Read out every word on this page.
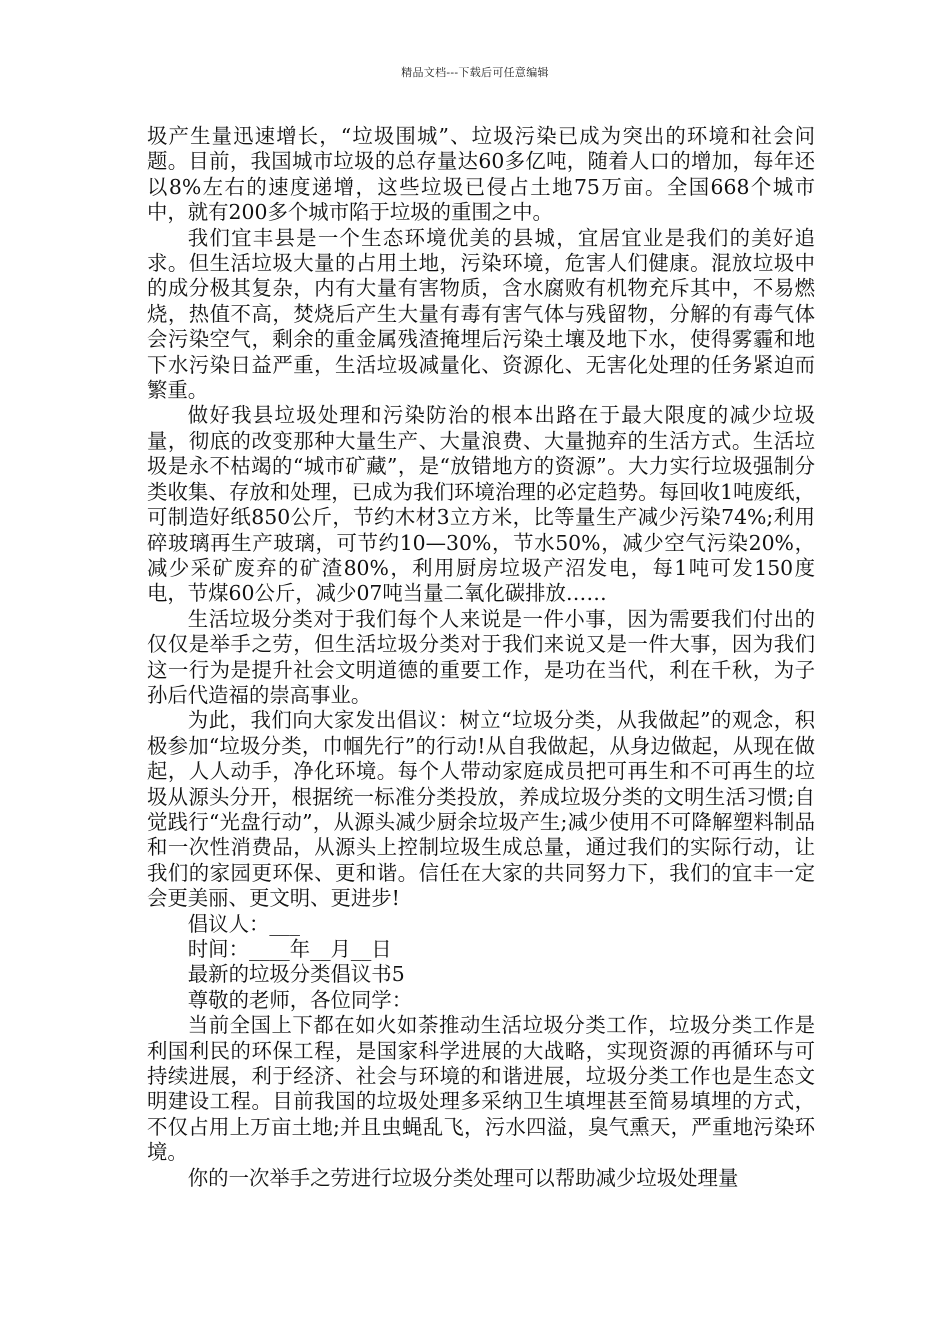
精品文档---下载后可任意编辑

圾产生量迅速增长，“垃圾围城”、垃圾污染已成为突出的环境和社会问题。目前，我国城市垃圾的总存量达60多亿吨，随着人口的增加，每年还以8%左右的速度递增，这些垃圾已侵占土地75万亩。全国668个城市中，就有200多个城市陷于垃圾的重围之中。

我们宜丰县是一个生态环境优美的县城，宜居宜业是我们的美好追求。但生活垃圾大量的占用土地，污染环境，危害人们健康。混放垃圾中的成分极其复杂，内有大量有害物质，含水腐败有机物充斥其中，不易燃烧，热值不高，焚烧后产生大量有毒有害气体与残留物，分解的有毒气体会污染空气，剩余的重金属残渣掩埋后污染土壤及地下水，使得雾霾和地下水污染日益严重，生活垃圾减量化、资源化、无害化处理的任务紧迫而繁重。

做好我县垃圾处理和污染防治的根本出路在于最大限度的减少垃圾量，彻底的改变那种大量生产、大量浪费、大量抛弃的生活方式。生活垃圾是永不枯竭的“城市矿藏”，是“放错地方的资源”。大力实行垃圾强制分类收集、存放和处理，已成为我们环境治理的必定趋势。每回收1吨废纸，可制造好纸850公斤，节约木材3立方米，比等量生产减少污染74%;利用碎玻璃再生产玻璃，可节约10—30%，节水50%，减少空气污染20%，减少采矿废弃的矿渣80%，利用厨房垃圾产沼发电，每1吨可发150度电，节煤60公斤，减少07吨当量二氧化碳排放……

生活垃圾分类对于我们每个人来说是一件小事，因为需要我们付出的仅仅是举手之劳，但生活垃圾分类对于我们来说又是一件大事，因为我们这一行为是提升社会文明道德的重要工作，是功在当代，利在千秋，为子孙后代造福的崇高事业。

为此，我们向大家发出倡议：树立“垃圾分类，从我做起”的观念，积极参加“垃圾分类，巾帼先行”的行动!从自我做起，从身边做起，从现在做起，人人动手，净化环境。每个人带动家庭成员把可再生和不可再生的垃圾从源头分开，根据统一标准分类投放，养成垃圾分类的文明生活习惯;自觉践行“光盘行动”，从源头减少厨余垃圾产生;减少使用不可降解塑料制品和一次性消费品，从源头上控制垃圾生成总量，通过我们的实际行动，让我们的家园更环保、更和谐。信任在大家的共同努力下，我们的宜丰一定会更美丽、更文明、更进步!

倡议人：___

时间：____年__月__日

最新的垃圾分类倡议书5

尊敬的老师，各位同学：

当前全国上下都在如火如荼推动生活垃圾分类工作，垃圾分类工作是利国利民的环保工程，是国家科学进展的大战略，实现资源的再循环与可持续进展，利于经济、社会与环境的和谐进展，垃圾分类工作也是生态文明建设工程。目前我国的垃圾处理多采纳卫生填埋甚至简易填埋的方式，不仅占用上万亩土地;并且虫蝇乱飞，污水四溢，臭气熏天，严重地污染环境。

你的一次举手之劳进行垃圾分类处理可以帮助减少垃圾处理量
